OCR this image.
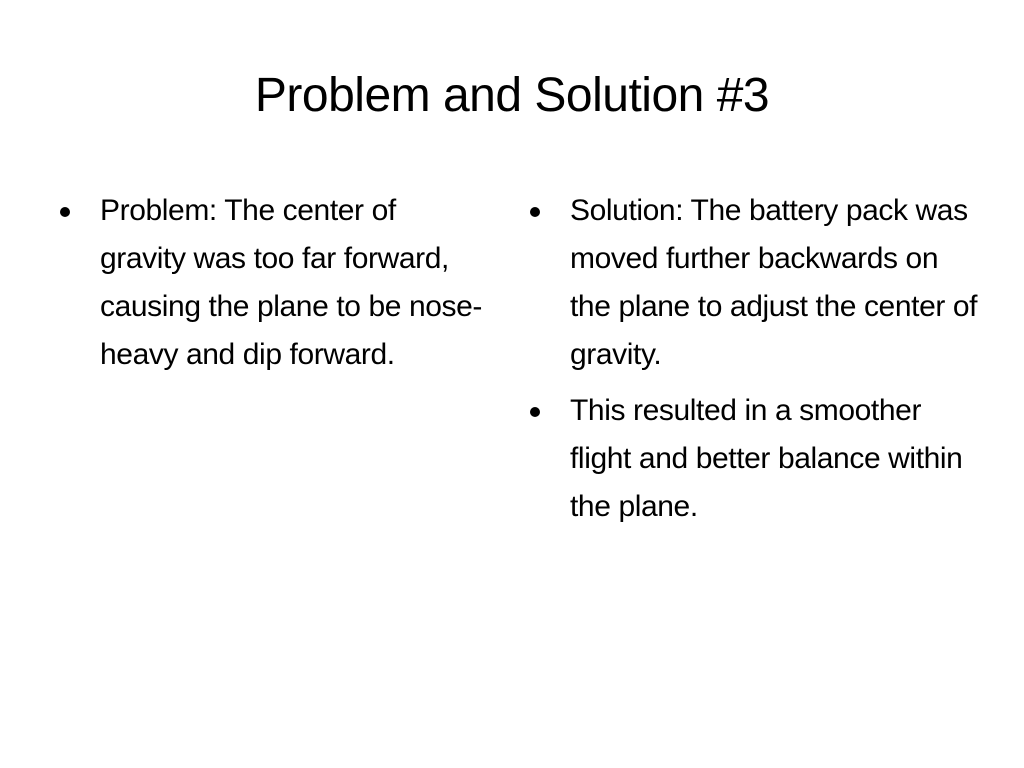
Problem and Solution #3
Problem: The center of gravity was too far forward, causing the plane to be nose-heavy and dip forward.
Solution: The battery pack was moved further backwards on the plane to adjust the center of gravity.
This resulted in a smoother flight and better balance within the plane.
